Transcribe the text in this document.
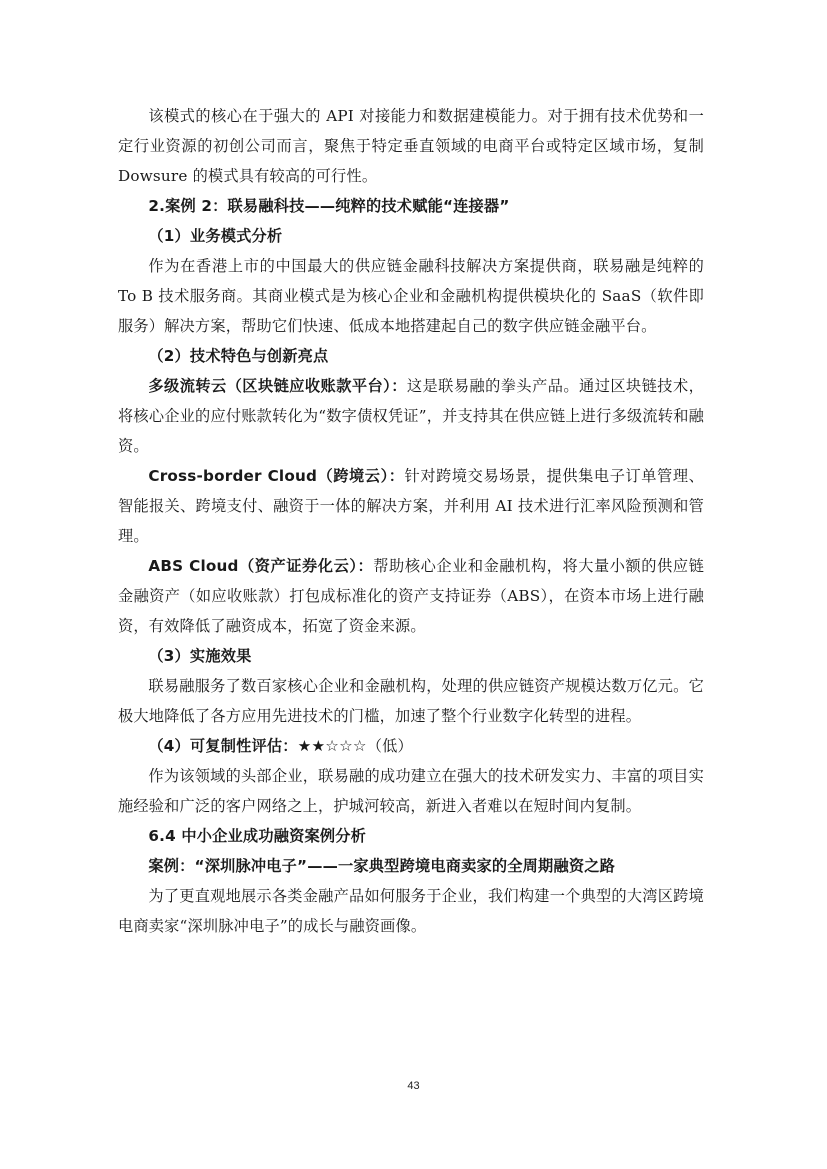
该模式的核心在于强大的 API 对接能力和数据建模能力。对于拥有技术优势和一定行业资源的初创公司而言，聚焦于特定垂直领域的电商平台或特定区域市场，复制 Dowsure 的模式具有较高的可行性。

2.案例 2：联易融科技——纯粹的技术赋能“连接器”

（1）业务模式分析

作为在香港上市的中国最大的供应链金融科技解决方案提供商，联易融是纯粹的 To B 技术服务商。其商业模式是为核心企业和金融机构提供模块化的 SaaS（软件即服务）解决方案，帮助它们快速、低成本地搭建起自己的数字供应链金融平台。

（2）技术特色与创新亮点

多级流转云（区块链应收账款平台）：这是联易融的拳头产品。通过区块链技术，将核心企业的应付账款转化为“数字债权凭证”，并支持其在供应链上进行多级流转和融资。

Cross-border Cloud（跨境云）：针对跨境交易场景，提供集电子订单管理、智能报关、跨境支付、融资于一体的解决方案，并利用 AI 技术进行汇率风险预测和管理。

ABS Cloud（资产证券化云）：帮助核心企业和金融机构，将大量小额的供应链金融资产（如应收账款）打包成标准化的资产支持证券（ABS），在资本市场上进行融资，有效降低了融资成本，拓宽了资金来源。

（3）实施效果

联易融服务了数百家核心企业和金融机构，处理的供应链资产规模达数万亿元。它极大地降低了各方应用先进技术的门槛，加速了整个行业数字化转型的进程。

（4）可复制性评估：★★☆☆☆（低）

作为该领域的头部企业，联易融的成功建立在强大的技术研发实力、丰富的项目实施经验和广泛的客户网络之上，护城河较高，新进入者难以在短时间内复制。

6.4 中小企业成功融资案例分析

案例：“深圳脉冲电子”——一家典型跨境电商卖家的全周期融资之路

为了更直观地展示各类金融产品如何服务于企业，我们构建一个典型的大湾区跨境电商卖家“深圳脉冲电子”的成长与融资画像。

43
